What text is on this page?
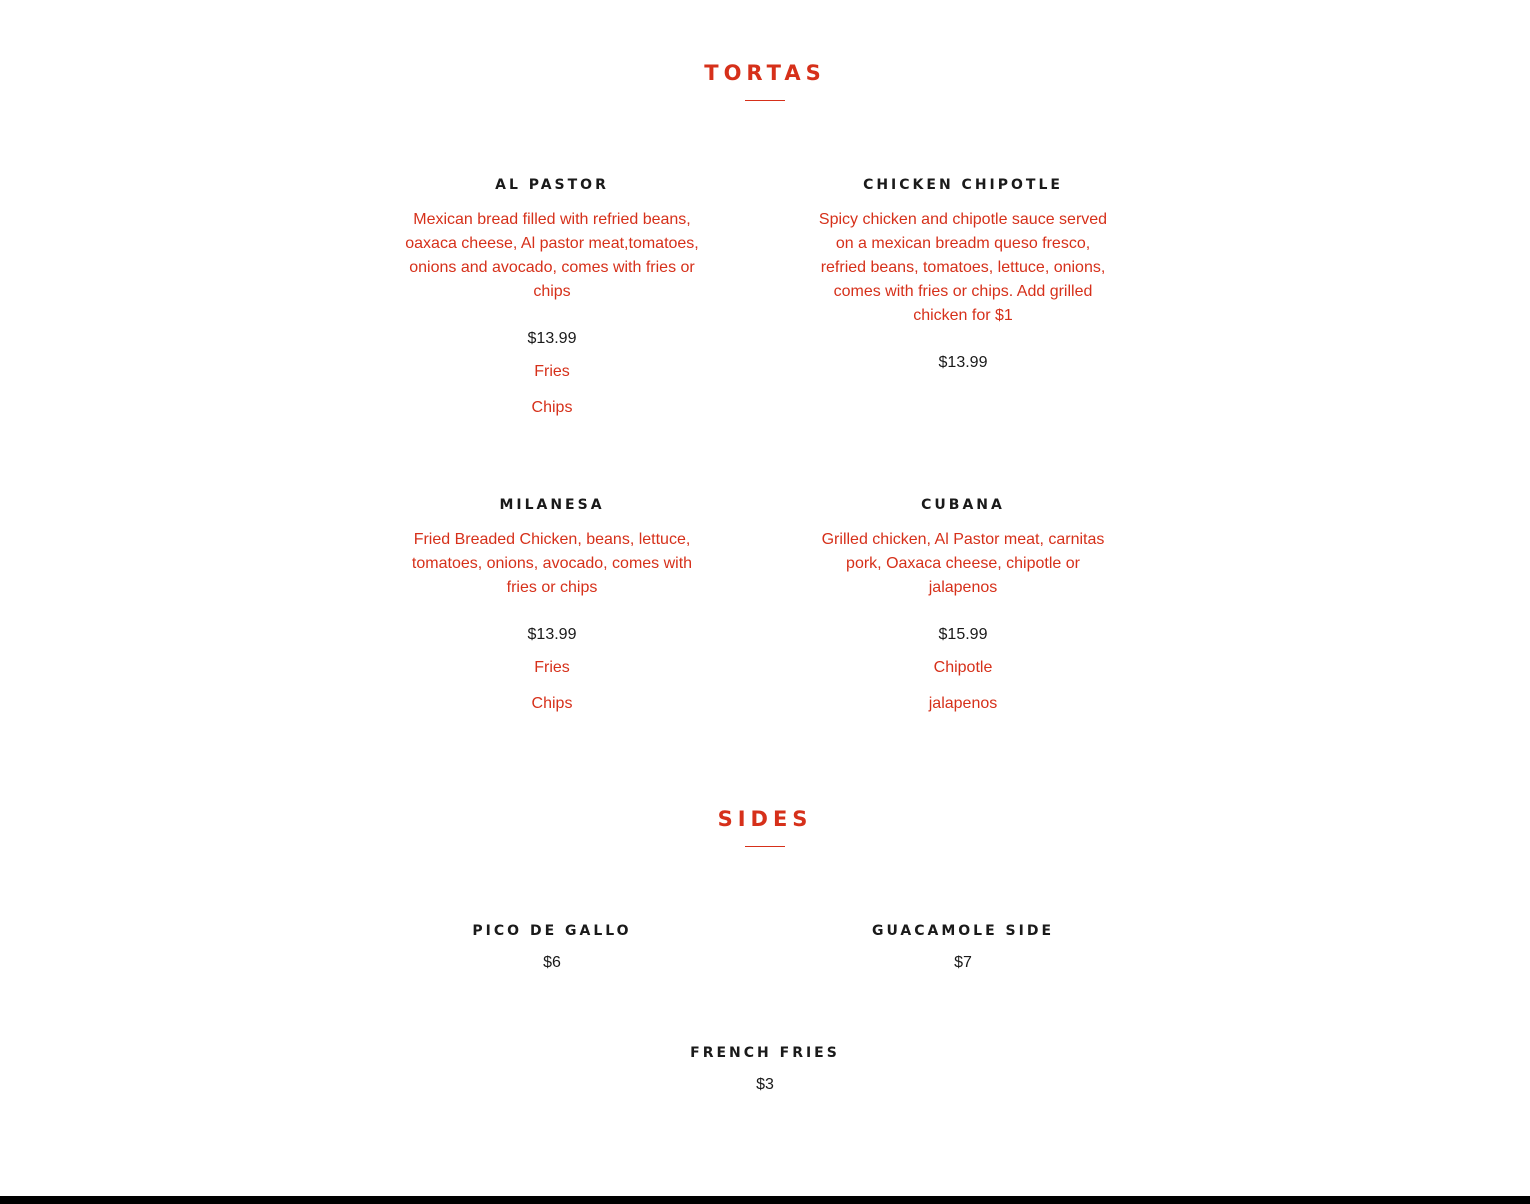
TORTAS
AL PASTOR

Mexican bread filled with refried beans, oaxaca cheese, Al pastor meat,tomatoes, onions and avocado, comes with fries or chips

$13.99

Fries
Chips
CHICKEN CHIPOTLE

Spicy chicken and chipotle sauce served on a mexican breadm queso fresco, refried beans, tomatoes, lettuce, onions, comes with fries or chips. Add grilled chicken for $1

$13.99

MILANESA

Fried Breaded Chicken, beans, lettuce, tomatoes, onions, avocado, comes with fries or chips

$13.99

Fries
Chips
CUBANA

Grilled chicken, Al Pastor meat, carnitas pork, Oaxaca cheese, chipotle or jalapenos

$15.99

Chipotle
jalapenos
SIDES
PICO DE GALLO

$6

GUACAMOLE SIDE

$7

FRENCH FRIES

$3
